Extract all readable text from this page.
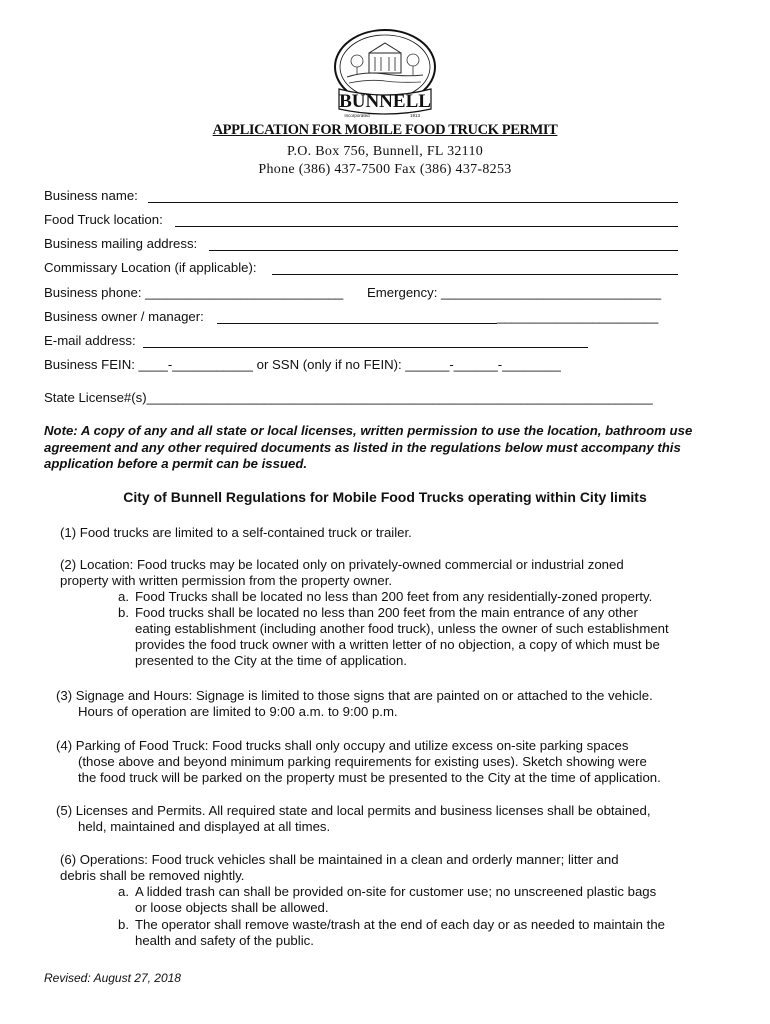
BUNNELL
Incorporated	1913
APPLICATION FOR MOBILE FOOD TRUCK PERMIT
P.O. Box 756, Bunnell, FL 32110
Phone (386) 437-7500 Fax (386) 437-8253
Business name:
Food Truck location:
Business mailing address:
Commissary Location (if applicable):
Business phone: ___________________________ Emergency: ______________________________
Business owner / manager:	______________________
E-mail address:
Business FEIN: ____-___________ or SSN (only if no FEIN): ______-______-________
State License#(s)_____________________________________________________________________
Note: A copy of any and all state or local licenses, written permission to use the location, bathroom use agreement and any other required documents as listed in the regulations below must accompany this application before a permit can be issued.
City of Bunnell Regulations for Mobile Food Trucks operating within City limits
(1) Food trucks are limited to a self-contained truck or trailer.
(2) Location: Food trucks may be located only on privately-owned commercial or industrial zoned
property with written permission from the property owner.
a. Food Trucks shall be located no less than 200 feet from any residentially-zoned property.
b. Food trucks shall be located no less than 200 feet from the main entrance of any other
eating establishment (including another food truck), unless the owner of such establishment
provides the food truck owner with a written letter of no objection, a copy of which must be
presented to the City at the time of application.
(3) Signage and Hours: Signage is limited to those signs that are painted on or attached to the vehicle.
Hours of operation are limited to 9:00 a.m. to 9:00 p.m.
(4) Parking of Food Truck: Food trucks shall only occupy and utilize excess on-site parking spaces
(those above and beyond minimum parking requirements for existing uses). Sketch showing were
the food truck will be parked on the property must be presented to the City at the time of application.
(5) Licenses and Permits. All required state and local permits and business licenses shall be obtained,
held, maintained and displayed at all times.
(6) Operations: Food truck vehicles shall be maintained in a clean and orderly manner; litter and
debris shall be removed nightly.
a. A lidded trash can shall be provided on-site for customer use; no unscreened plastic bags
or loose objects shall be allowed.
b. The operator shall remove waste/trash at the end of each day or as needed to maintain the
health and safety of the public.
Revised: August 27, 2018
